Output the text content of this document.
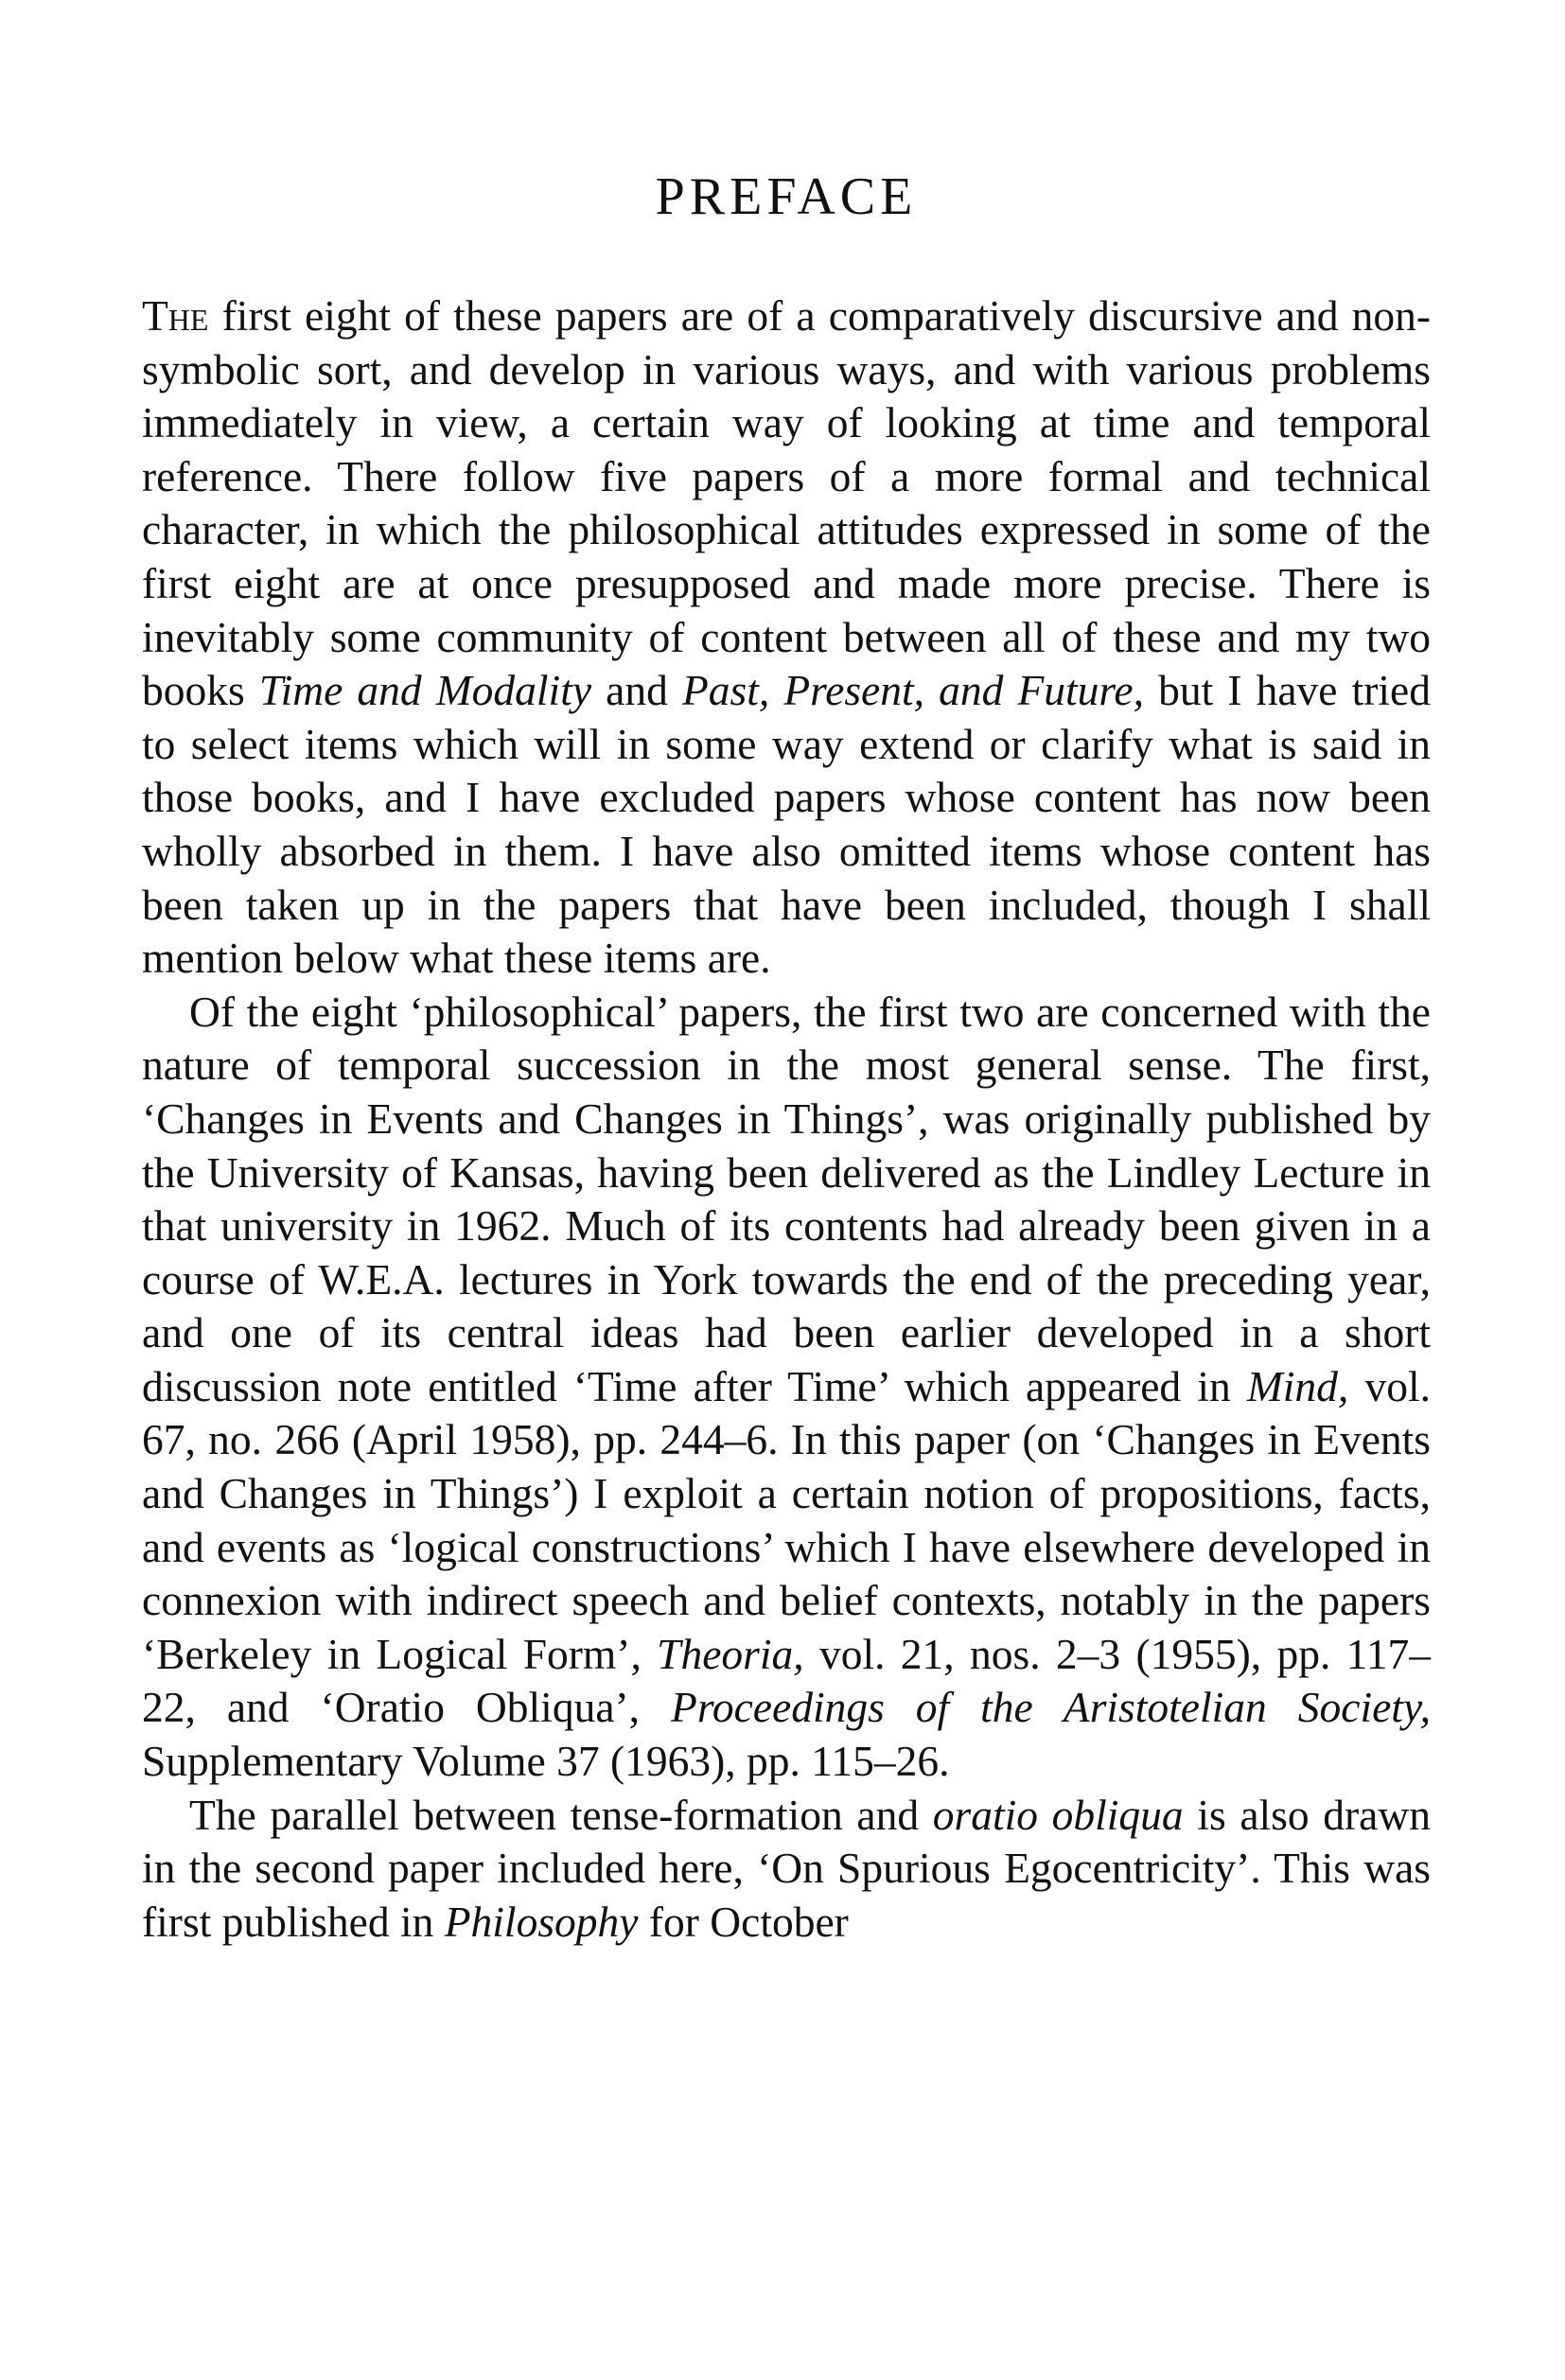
PREFACE

The first eight of these papers are of a comparatively discursive and non-symbolic sort, and develop in various ways, and with various problems immediately in view, a certain way of looking at time and temporal reference. There follow five papers of a more formal and technical character, in which the philosophical attitudes expressed in some of the first eight are at once presupposed and made more precise. There is inevitably some community of content between all of these and my two books Time and Modality and Past, Present, and Future, but I have tried to select items which will in some way extend or clarify what is said in those books, and I have excluded papers whose content has now been wholly absorbed in them. I have also omitted items whose content has been taken up in the papers that have been included, though I shall mention below what these items are.

Of the eight ‘philosophical’ papers, the first two are concerned with the nature of temporal succession in the most general sense. The first, ‘Changes in Events and Changes in Things’, was originally published by the University of Kansas, having been delivered as the Lindley Lecture in that university in 1962. Much of its contents had already been given in a course of W.E.A. lectures in York towards the end of the preceding year, and one of its central ideas had been earlier developed in a short discussion note entitled ‘Time after Time’ which appeared in Mind, vol. 67, no. 266 (April 1958), pp. 244–6. In this paper (on ‘Changes in Events and Changes in Things’) I exploit a certain notion of propositions, facts, and events as ‘logical constructions’ which I have elsewhere developed in connexion with indirect speech and belief contexts, notably in the papers ‘Berkeley in Logical Form’, Theoria, vol. 21, nos. 2–3 (1955), pp. 117–22, and ‘Oratio Obliqua’, Proceedings of the Aristotelian Society, Supplementary Volume 37 (1963), pp. 115–26.

The parallel between tense-formation and oratio obliqua is also drawn in the second paper included here, ‘On Spurious Egocentricity’. This was first published in Philosophy for October
